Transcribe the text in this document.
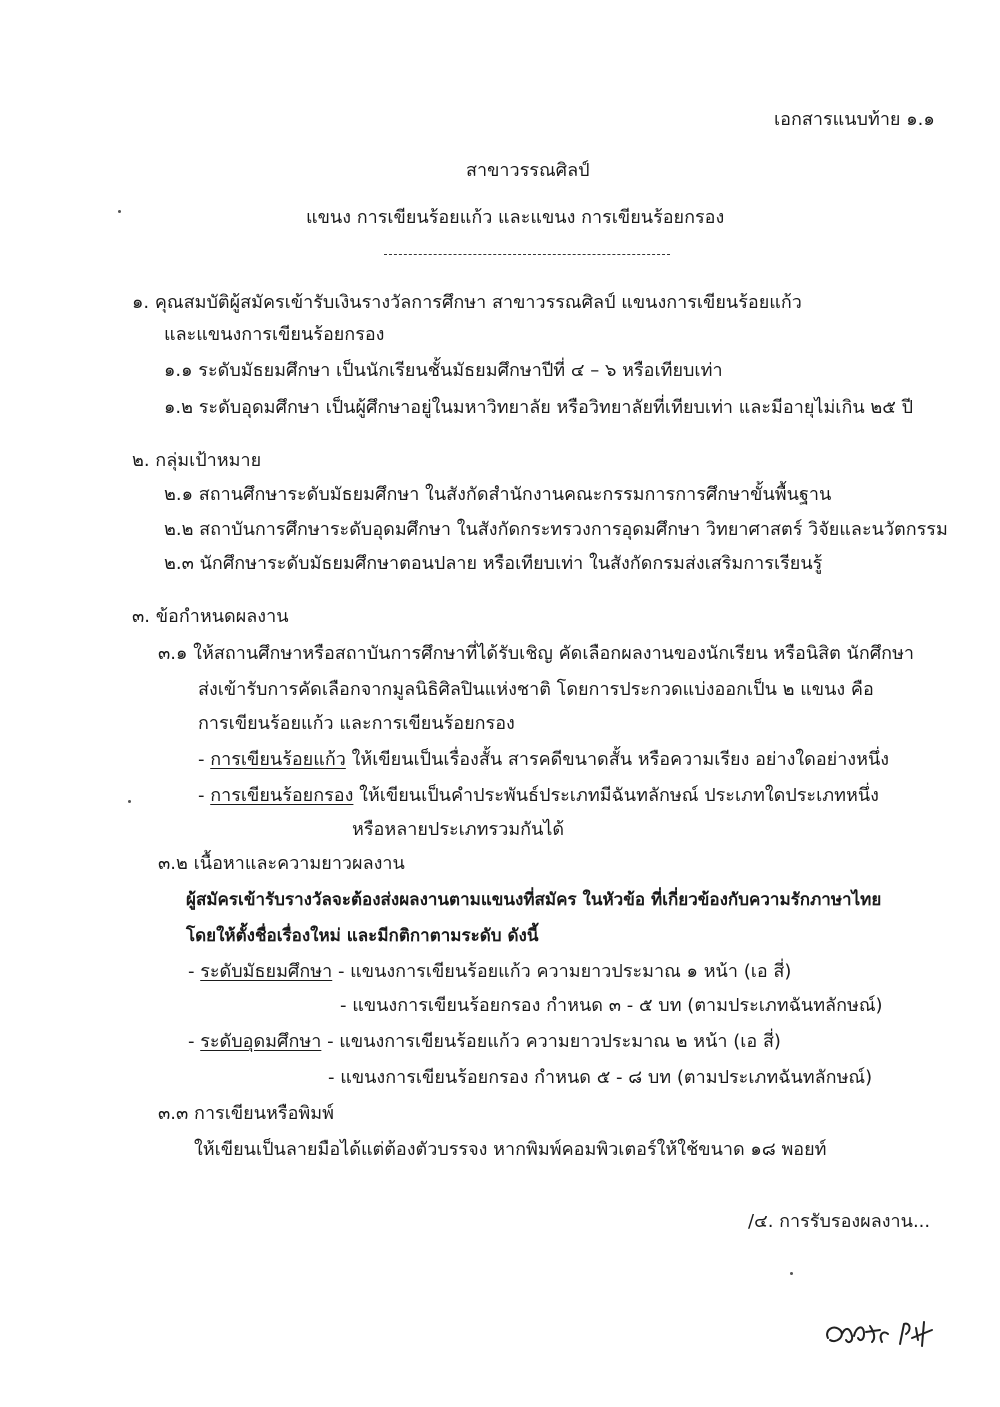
เอกสารแนบท้าย ๑.๑
สาขาวรรณศิลป์
แขนง การเขียนร้อยแก้ว และแขนง การเขียนร้อยกรอง
๑. คุณสมบัติผู้สมัครเข้ารับเงินรางวัลการศึกษา สาขาวรรณศิลป์ แขนงการเขียนร้อยแก้ว
และแขนงการเขียนร้อยกรอง
๑.๑ ระดับมัธยมศึกษา เป็นนักเรียนชั้นมัธยมศึกษาปีที่ ๔ – ๖ หรือเทียบเท่า
๑.๒ ระดับอุดมศึกษา เป็นผู้ศึกษาอยู่ในมหาวิทยาลัย หรือวิทยาลัยที่เทียบเท่า และมีอายุไม่เกิน ๒๕ ปี
๒. กลุ่มเป้าหมาย
๒.๑ สถานศึกษาระดับมัธยมศึกษา ในสังกัดสำนักงานคณะกรรมการการศึกษาขั้นพื้นฐาน
๒.๒ สถาบันการศึกษาระดับอุดมศึกษา ในสังกัดกระทรวงการอุดมศึกษา วิทยาศาสตร์ วิจัยและนวัตกรรม
๒.๓ นักศึกษาระดับมัธยมศึกษาตอนปลาย หรือเทียบเท่า ในสังกัดกรมส่งเสริมการเรียนรู้
๓. ข้อกำหนดผลงาน
๓.๑ ให้สถานศึกษาหรือสถาบันการศึกษาที่ได้รับเชิญ คัดเลือกผลงานของนักเรียน หรือนิสิต นักศึกษา
ส่งเข้ารับการคัดเลือกจากมูลนิธิศิลปินแห่งชาติ โดยการประกวดแบ่งออกเป็น ๒ แขนง คือ
การเขียนร้อยแก้ว และการเขียนร้อยกรอง
- การเขียนร้อยแก้ว ให้เขียนเป็นเรื่องสั้น สารคดีขนาดสั้น หรือความเรียง อย่างใดอย่างหนึ่ง
- การเขียนร้อยกรอง ให้เขียนเป็นคำประพันธ์ประเภทมีฉันทลักษณ์ ประเภทใดประเภทหนึ่ง
หรือหลายประเภทรวมกันได้
๓.๒ เนื้อหาและความยาวผลงาน
ผู้สมัครเข้ารับรางวัลจะต้องส่งผลงานตามแขนงที่สมัคร ในหัวข้อ ที่เกี่ยวข้องกับความรักภาษาไทย
โดยให้ตั้งชื่อเรื่องใหม่ และมีกติกาตามระดับ ดังนี้
- ระดับมัธยมศึกษา - แขนงการเขียนร้อยแก้ว ความยาวประมาณ ๑ หน้า (เอ สี่)
- แขนงการเขียนร้อยกรอง กำหนด ๓ - ๕ บท (ตามประเภทฉันทลักษณ์)
- ระดับอุดมศึกษา - แขนงการเขียนร้อยแก้ว ความยาวประมาณ ๒ หน้า (เอ สี่)
- แขนงการเขียนร้อยกรอง กำหนด ๕ - ๘ บท (ตามประเภทฉันทลักษณ์)
๓.๓ การเขียนหรือพิมพ์
ให้เขียนเป็นลายมือได้แต่ต้องตัวบรรจง หากพิมพ์คอมพิวเตอร์ให้ใช้ขนาด ๑๘ พอยท์
/๔. การรับรองผลงาน...
